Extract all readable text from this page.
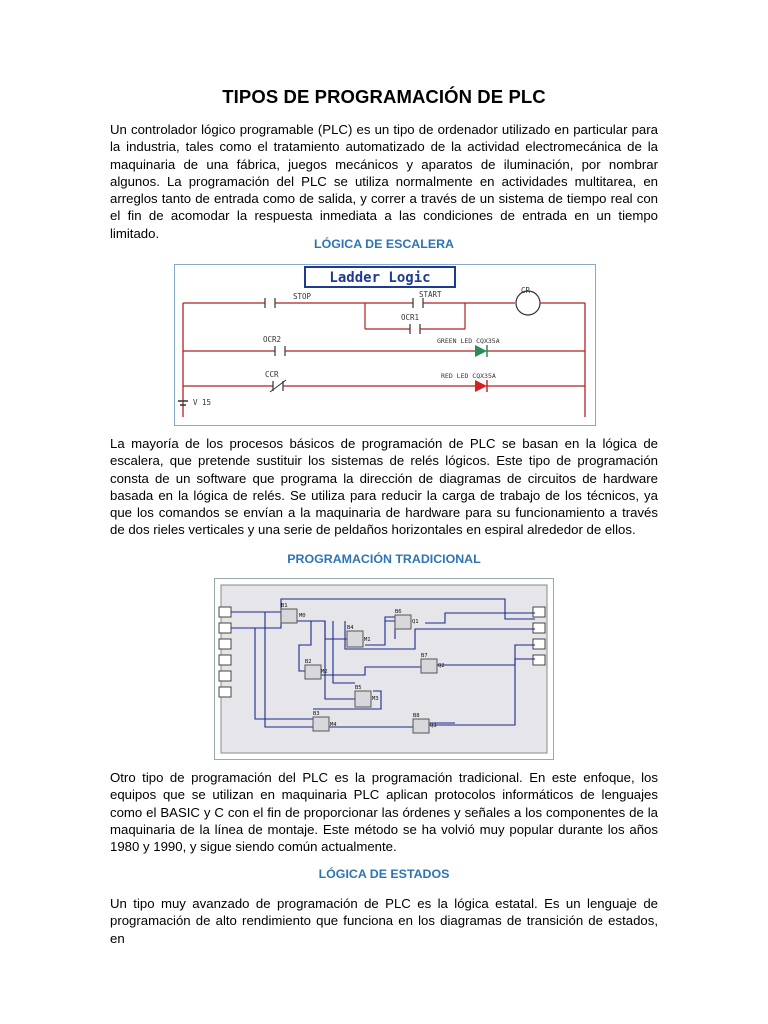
TIPOS DE PROGRAMACIÓN DE PLC
Un controlador lógico programable (PLC) es un tipo de ordenador utilizado en particular para la industria, tales como el tratamiento automatizado de la actividad electromecánica de la maquinaria de una fábrica, juegos mecánicos y aparatos de iluminación, por nombrar algunos. La programación del PLC se utiliza normalmente en actividades multitarea, en arreglos tanto de entrada como de salida, y correr a través de un sistema de tiempo real con el fin de acomodar la respuesta inmediata a las condiciones de entrada en un tiempo limitado.
LÓGICA DE ESCALERA
Ladder Logic
STOP	START	CR
OCR1
OCR2	GREEN LED CQX35A
CCR	RED LED CQX35A
V 15
La mayoría de los procesos básicos de programación de PLC se basan en la lógica de escalera, que pretende sustituir los sistemas de relés lógicos. Este tipo de programación consta de un software que programa la dirección de diagramas de circuitos de hardware basada en la lógica de relés. Se utiliza para reducir la carga de trabajo de los técnicos, ya que los comandos se envían a la maquinaria de hardware para su funcionamiento a través de dos rieles verticales y una serie de peldaños horizontales en espiral alrededor de ellos.
PROGRAMACIÓN TRADICIONAL
B1
M0
B2
M2
B3
M4
B4
M1
B5
M3
B6
Q1
B7
Q2
B8
Q3
Otro tipo de programación del PLC es la programación tradicional. En este enfoque, los equipos que se utilizan en maquinaria PLC aplican protocolos informáticos de lenguajes como el BASIC y C con el fin de proporcionar las órdenes y señales a los componentes de la maquinaria de la línea de montaje. Este método se ha volvió muy popular durante los años 1980 y 1990, y sigue siendo común actualmente.
LÓGICA DE ESTADOS
Un tipo muy avanzado de programación de PLC es la lógica estatal. Es un lenguaje de programación de alto rendimiento que funciona en los diagramas de transición de estados, en
